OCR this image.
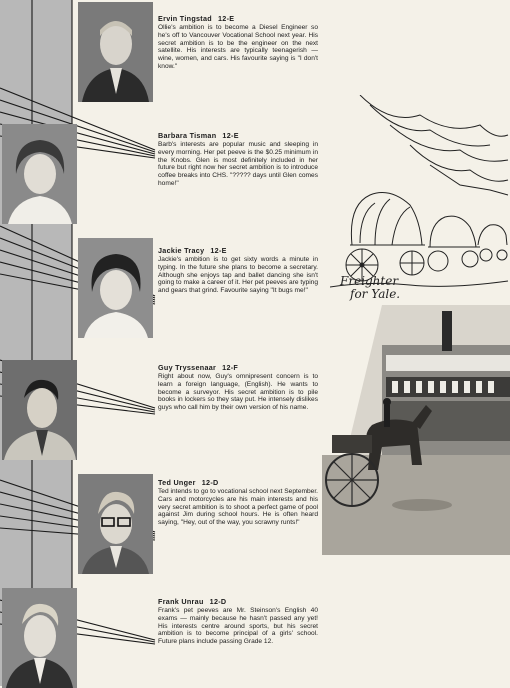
Ervin Tingstad 12-E

Ollie's ambition is to become a Diesel Engineer so he's off to Vancouver Vocational School next year. His secret ambition is to be the engineer on the next satellite. His interests are typically teenagerish — wine, women, and cars. His favourite saying is "I don't know."

Barbara Tisman 12-E

Barb's interests are popular music and sleeping in every morning. Her pet peeve is the $0.25 minimum in the Knobs. Glen is most definitely included in her future but right now her secret ambition is to introduce coffee breaks into CHS. "????? days until Glen comes home!"

Jackie Tracy 12-E

Jackie's ambition is to get sixty words a minute in typing. In the future she plans to become a secretary. Although she enjoys tap and ballet dancing she isn't going to make a career of it. Her pet peeves are typing and gears that grind. Favourite saying "It bugs me!"

Guy Tryssenaar 12-F

Right about now, Guy's omnipresent concern is to learn a foreign language, (English). He wants to become a surveyor. His secret ambition is to pile books in lockers so they stay put. He intensely dislikes guys who call him by their own version of his name.

Ted Unger 12-D

Ted intends to go to vocational school next September. Cars and motorcycles are his main interests and his very secret ambition is to shoot a perfect game of pool against Jim during school hours. He is often heard saying, "Hey, out of the way, you scrawny runts!"

Frank Unrau 12-D

Frank's pet peeves are Mr. Steinson's English 40 exams — mainly because he hasn't passed any yet! His interests centre around sports, but his secret ambition is to become principal of a girls' school. Future plans include passing Grade 12.

Freighter
for Yale.
